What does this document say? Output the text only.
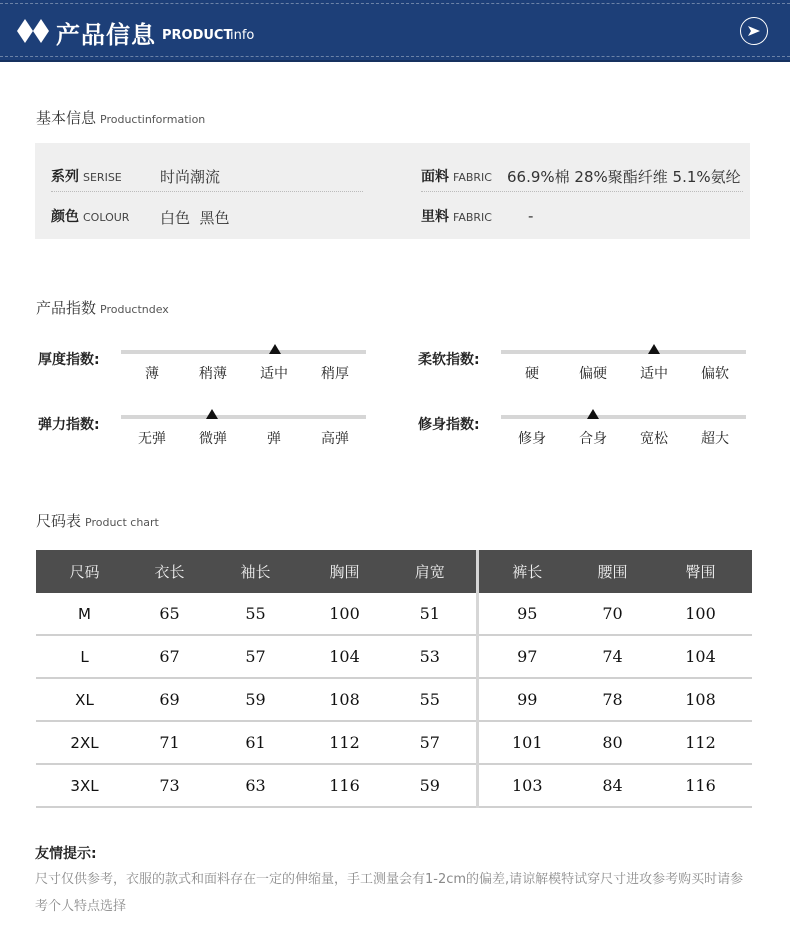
产品信息 PRODUCT
info
基本信息 Productinformation
系列 SERISE	时尚潮流
颜色 COLOUR 白色  黑色
面料 FABRIC 66.9%棉 28%聚酯纤维 5.1%氨纶
里料 FABRIC -
产品指数 Productndex
厚度指数:
薄	稍薄	适中	稍厚
柔软指数:
硬	偏硬	适中	偏软
弹力指数:
无弹	微弹	弹	高弹
修身指数:
修身	合身	宽松	超大
尺码表 Product chart
尺码	衣长	袖长	胸围	肩宽	裤长	腰围	臀围
M	65	55	100	51	95	70	100
L	67	57	104	53	97	74	104
XL	69	59	108	55	99	78	108
2XL	71	61	112	57	101	80	112
3XL	73	63	116	59	103	84	116
友情提示:
尺寸仅供参考，衣服的款式和面料存在一定的伸缩量，手工测量会有1-2cm的偏差,请谅解模特试穿尺寸进攻参考购买时请参考个人特点选择
